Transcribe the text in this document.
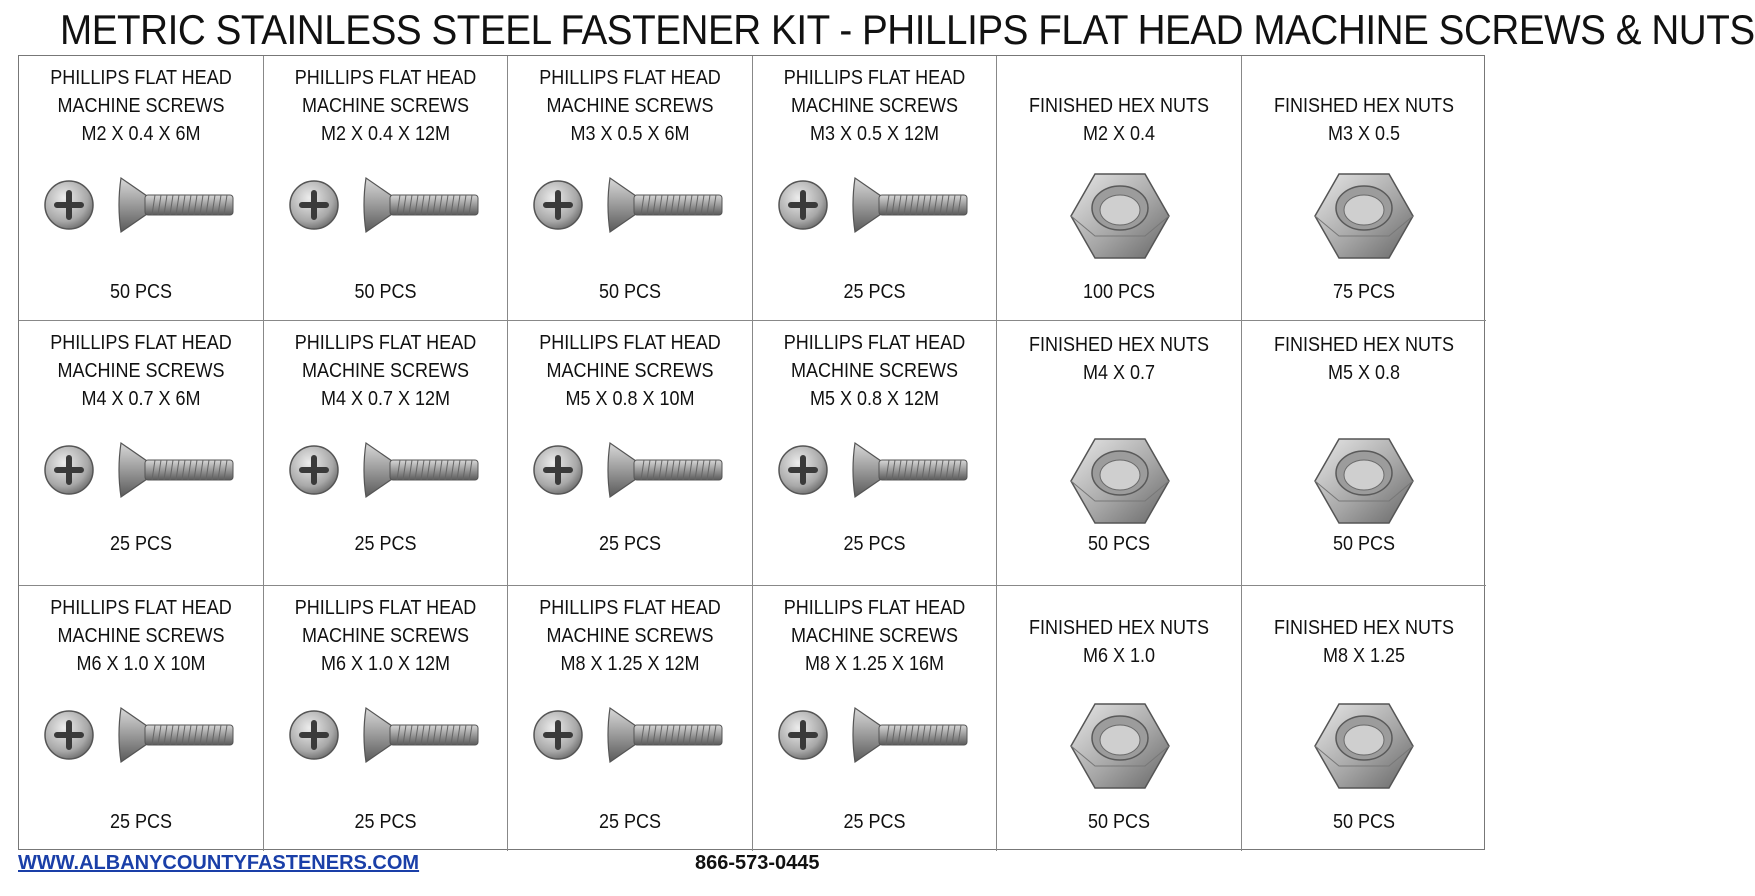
METRIC STAINLESS STEEL FASTENER KIT - PHILLIPS FLAT HEAD MACHINE SCREWS & NUTS
PHILLIPS FLAT HEAD
MACHINE SCREWS
M2 X 0.4 X 6M
50 PCS
PHILLIPS FLAT HEAD
MACHINE SCREWS
M2 X 0.4 X 12M
50 PCS
PHILLIPS FLAT HEAD
MACHINE SCREWS
M3 X 0.5 X 6M
50 PCS
PHILLIPS FLAT HEAD
MACHINE SCREWS
M3 X 0.5 X 12M
25 PCS
FINISHED HEX NUTS
M2 X 0.4
100 PCS
FINISHED HEX NUTS
M3 X 0.5
75 PCS
PHILLIPS FLAT HEAD
MACHINE SCREWS
M4 X 0.7 X 6M
25 PCS
PHILLIPS FLAT HEAD
MACHINE SCREWS
M4 X 0.7 X 12M
25 PCS
PHILLIPS FLAT HEAD
MACHINE SCREWS
M5 X 0.8 X 10M
25 PCS
PHILLIPS FLAT HEAD
MACHINE SCREWS
M5 X 0.8 X 12M
25 PCS
FINISHED HEX NUTS
M4 X 0.7
50 PCS
FINISHED HEX NUTS
M5 X 0.8
50 PCS
PHILLIPS FLAT HEAD
MACHINE SCREWS
M6 X 1.0 X 10M
25 PCS
PHILLIPS FLAT HEAD
MACHINE SCREWS
M6 X 1.0 X 12M
25 PCS
PHILLIPS FLAT HEAD
MACHINE SCREWS
M8 X 1.25 X 12M
25 PCS
PHILLIPS FLAT HEAD
MACHINE SCREWS
M8 X 1.25 X 16M
25 PCS
FINISHED HEX NUTS
M6 X 1.0
50 PCS
FINISHED HEX NUTS
M8 X 1.25
50 PCS
WWW.ALBANYCOUNTYFASTENERS.COM	866-573-0445
